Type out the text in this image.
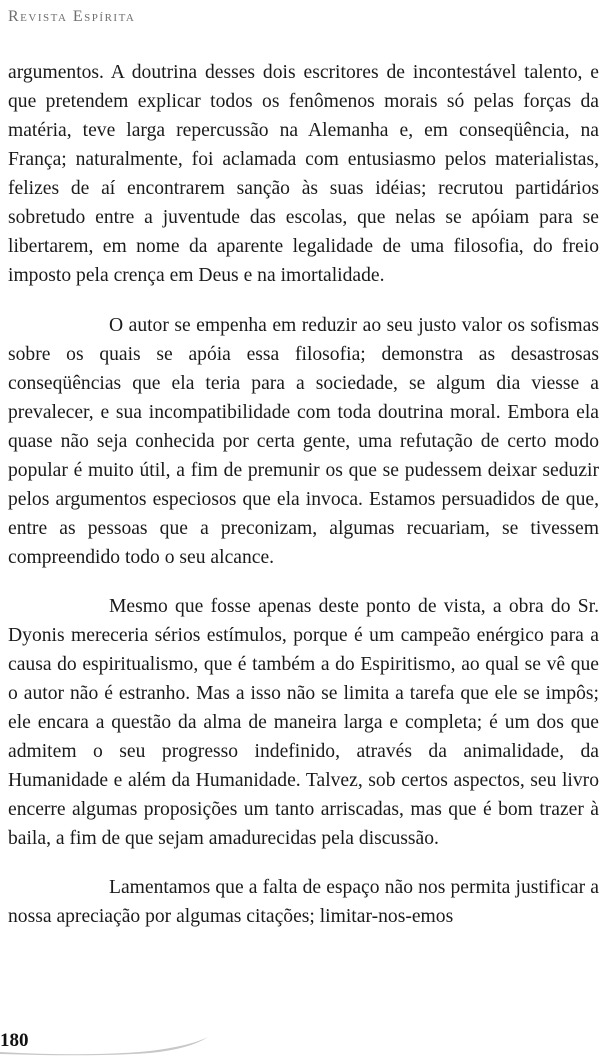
Revista Espírita

argumentos. A doutrina desses dois escritores de incontestável talento, e que pretendem explicar todos os fenômenos morais só pelas forças da matéria, teve larga repercussão na Alemanha e, em conseqüência, na França; naturalmente, foi aclamada com entusiasmo pelos materialistas, felizes de aí encontrarem sanção às suas idéias; recrutou partidários sobretudo entre a juventude das escolas, que nelas se apóiam para se libertarem, em nome da aparente legalidade de uma filosofia, do freio imposto pela crença em Deus e na imortalidade.

O autor se empenha em reduzir ao seu justo valor os sofismas sobre os quais se apóia essa filosofia; demonstra as desastrosas conseqüências que ela teria para a sociedade, se algum dia viesse a prevalecer, e sua incompatibilidade com toda doutrina moral. Embora ela quase não seja conhecida por certa gente, uma refutação de certo modo popular é muito útil, a fim de premunir os que se pudessem deixar seduzir pelos argumentos especiosos que ela invoca. Estamos persuadidos de que, entre as pessoas que a preconizam, algumas recuariam, se tivessem compreendido todo o seu alcance.

Mesmo que fosse apenas deste ponto de vista, a obra do Sr. Dyonis mereceria sérios estímulos, porque é um campeão enérgico para a causa do espiritualismo, que é também a do Espiritismo, ao qual se vê que o autor não é estranho. Mas a isso não se limita a tarefa que ele se impôs; ele encara a questão da alma de maneira larga e completa; é um dos que admitem o seu progresso indefinido, através da animalidade, da Humanidade e além da Humanidade. Talvez, sob certos aspectos, seu livro encerre algumas proposições um tanto arriscadas, mas que é bom trazer à baila, a fim de que sejam amadurecidas pela discussão.

Lamentamos que a falta de espaço não nos permita justificar a nossa apreciação por algumas citações; limitar-nos-emos

180
